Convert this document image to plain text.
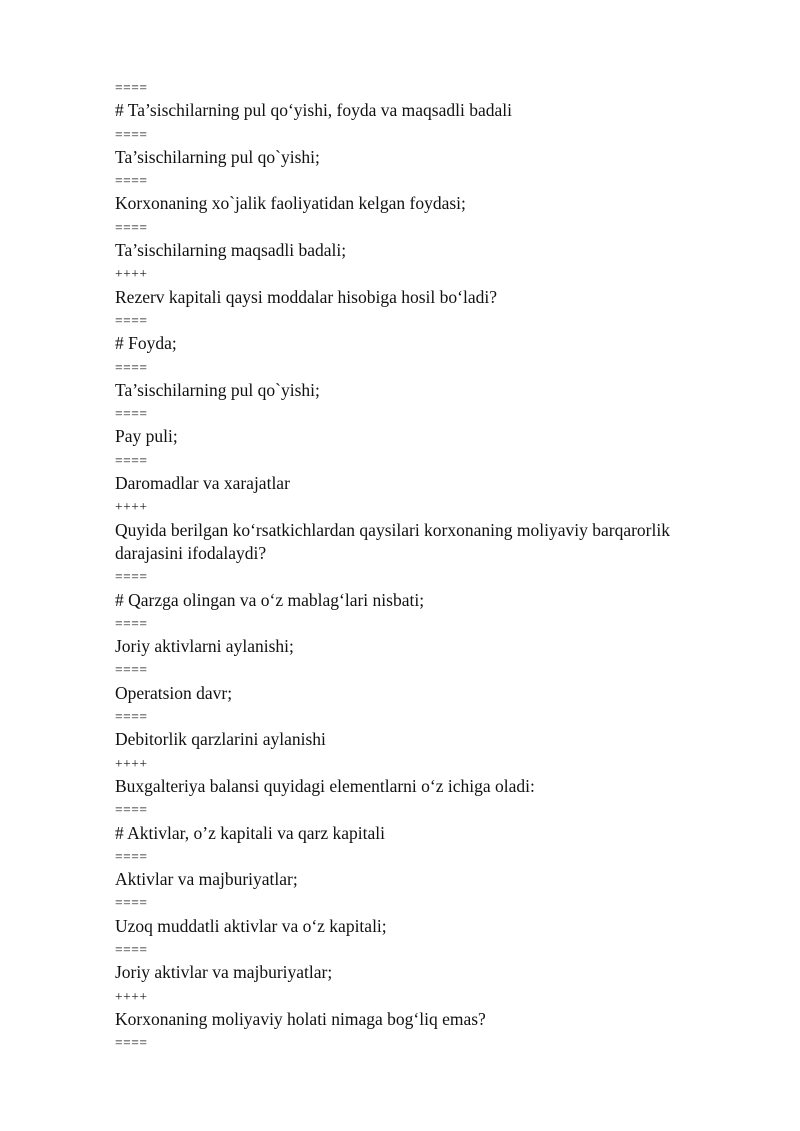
====
# Ta’sischilarning pul qo‘yishi, foyda va maqsadli badali
====
Ta’sischilarning pul qo`yishi;
====
Korxonaning xo`jalik faoliyatidan kelgan foydasi;
====
Ta’sischilarning maqsadli badali;
++++
Rezerv kapitali qaysi moddalar hisobiga hosil bo‘ladi?
====
# Foyda;
====
Ta’sischilarning pul qo`yishi;
====
Pay puli;
====
Daromadlar va xarajatlar
++++
Quyida berilgan ko‘rsatkichlardan qaysilari korxonaning moliyaviy barqarorlik
darajasini ifodalaydi?
====
# Qarzga olingan va o‘z mablag‘lari nisbati;
====
Joriy aktivlarni aylanishi;
====
Operatsion davr;
====
Debitorlik qarzlarini aylanishi
++++
Buxgalteriya balansi quyidagi elementlarni o‘z ichiga oladi:
====
# Aktivlar, o’z kapitali va qarz kapitali
====
Aktivlar va majburiyatlar;
====
Uzoq muddatli aktivlar va o‘z kapitali;
====
Joriy aktivlar va majburiyatlar;
++++
Korxonaning moliyaviy holati nimaga bog‘liq emas?
====
